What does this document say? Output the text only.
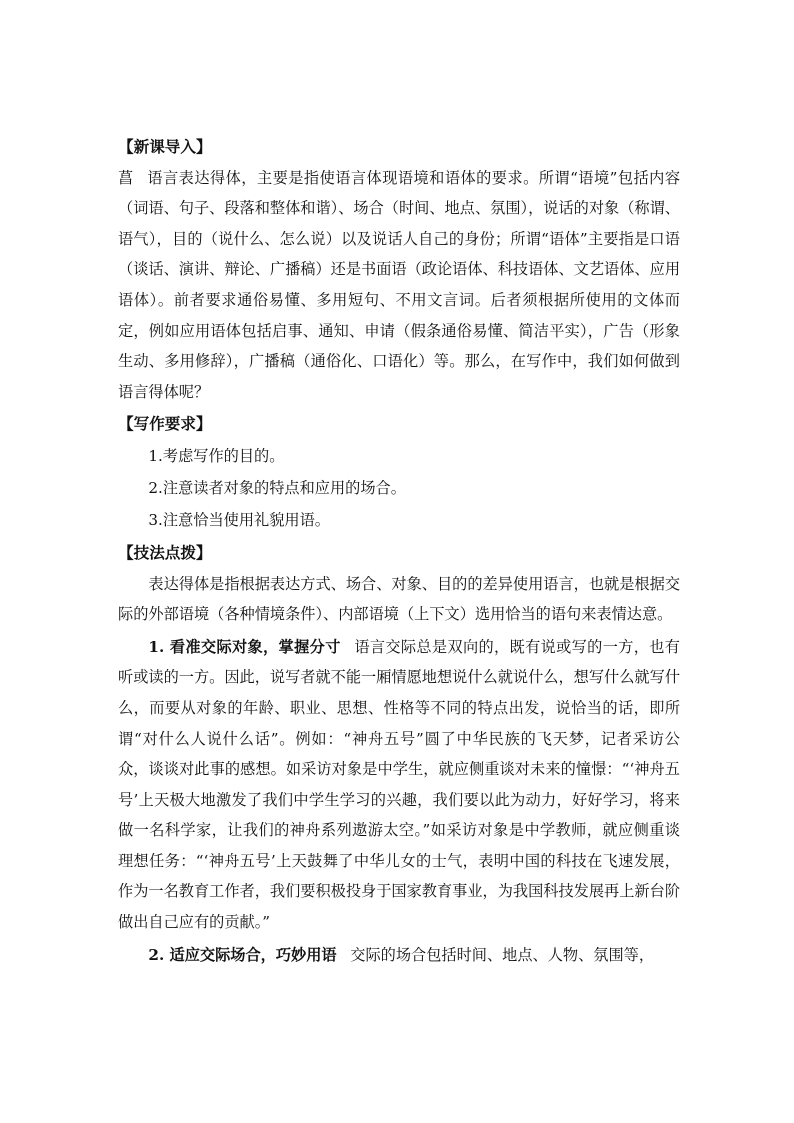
【新课导入】

菖 语言表达得体，主要是指使语言体现语境和语体的要求。所谓“语境”包括内容（词语、句子、段落和整体和谐）、场合（时间、地点、氛围），说话的对象（称谓、语气），目的（说什么、怎么说）以及说话人自己的身份；所谓“语体”主要指是口语（谈话、演讲、辩论、广播稿）还是书面语（政论语体、科技语体、文艺语体、应用语体）。前者要求通俗易懂、多用短句、不用文言词。后者须根据所使用的文体而定，例如应用语体包括启事、通知、申请（假条通俗易懂、简洁平实），广告（形象生动、多用修辞），广播稿（通俗化、口语化）等。那么，在写作中，我们如何做到语言得体呢？

【写作要求】
1.考虑写作的目的。
2.注意读者对象的特点和应用的场合。
3.注意恰当使用礼貌用语。
【技法点拨】

表达得体是指根据表达方式、场合、对象、目的的差异使用语言，也就是根据交际的外部语境（各种情境条件）、内部语境（上下文）选用恰当的语句来表情达意。

1. 看准交际对象，掌握分寸 语言交际总是双向的，既有说或写的一方，也有听或读的一方。因此，说写者就不能一厢情愿地想说什么就说什么，想写什么就写什么，而要从对象的年龄、职业、思想、性格等不同的特点出发，说恰当的话，即所谓“对什么人说什么话”。例如：“神舟五号”圆了中华民族的飞天梦，记者采访公众，谈谈对此事的感想。如采访对象是中学生，就应侧重谈对未来的憧憬：“‘神舟五号’上天极大地激发了我们中学生学习的兴趣，我们要以此为动力，好好学习，将来做一名科学家，让我们的神舟系列遨游太空。”如采访对象是中学教师，就应侧重谈理想任务：“‘神舟五号’上天鼓舞了中华儿女的士气，表明中国的科技在飞速发展，作为一名教育工作者，我们要积极投身于国家教育事业，为我国科技发展再上新台阶做出自己应有的贡献。”

2. 适应交际场合，巧妙用语 交际的场合包括时间、地点、人物、氛围等，
